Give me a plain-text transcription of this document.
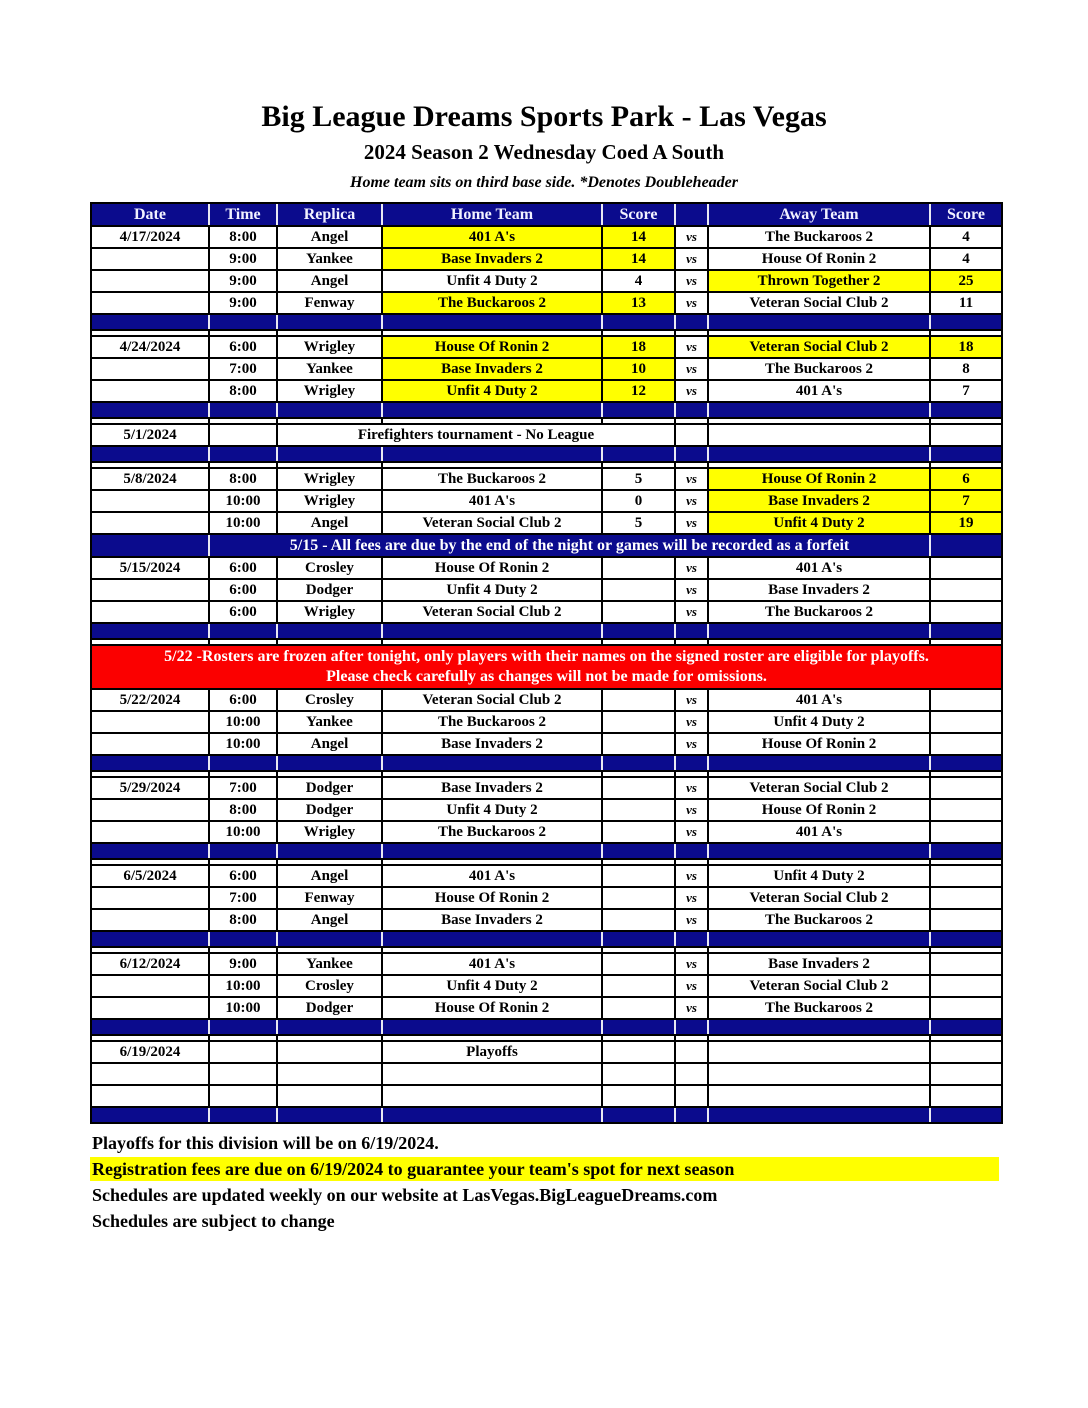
Big League Dreams Sports Park - Las Vegas
2024 Season 2 Wednesday Coed A South
Home team sits on third base side. *Denotes Doubleheader
Date	Time	Replica	Home Team	Score	Away Team	Score
4/17/2024	8:00	Angel	401 A's	14	vs	The Buckaroos 2	4
9:00	Yankee	Base Invaders 2	14	vs	House Of Ronin 2	4
9:00	Angel	Unfit 4 Duty 2	4	vs	Thrown Together 2	25
9:00	Fenway	The Buckaroos 2	13	vs	Veteran Social Club 2	11
4/24/2024	6:00	Wrigley	House Of Ronin 2	18	vs	Veteran Social Club 2	18
7:00	Yankee	Base Invaders 2	10	vs	The Buckaroos 2	8
8:00	Wrigley	Unfit 4 Duty 2	12	vs	401 A's	7
5/1/2024	Firefighters tournament - No League
5/8/2024	8:00	Wrigley	The Buckaroos 2	5	vs	House Of Ronin 2	6
10:00	Wrigley	401 A's	0	vs	Base Invaders 2	7
10:00	Angel	Veteran Social Club 2	5	vs	Unfit 4 Duty 2	19
5/15 - All fees are due by the end of the night or games will be recorded as a forfeit
5/15/2024	6:00	Crosley	House Of Ronin 2	vs	401 A's
6:00	Dodger	Unfit 4 Duty 2	vs	Base Invaders 2
6:00	Wrigley	Veteran Social Club 2	vs	The Buckaroos 2
5/22 -Rosters are frozen after tonight, only players with their names on the signed roster are eligible for playoffs.
Please check carefully as changes will not be made for omissions.
5/22/2024	6:00	Crosley	Veteran Social Club 2	vs	401 A's
10:00	Yankee	The Buckaroos 2	vs	Unfit 4 Duty 2
10:00	Angel	Base Invaders 2	vs	House Of Ronin 2
5/29/2024	7:00	Dodger	Base Invaders 2	vs	Veteran Social Club 2
8:00	Dodger	Unfit 4 Duty 2	vs	House Of Ronin 2
10:00	Wrigley	The Buckaroos 2	vs	401 A's
6/5/2024	6:00	Angel	401 A's	vs	Unfit 4 Duty 2
7:00	Fenway	House Of Ronin 2	vs	Veteran Social Club 2
8:00	Angel	Base Invaders 2	vs	The Buckaroos 2
6/12/2024	9:00	Yankee	401 A's	vs	Base Invaders 2
10:00	Crosley	Unfit 4 Duty 2	vs	Veteran Social Club 2
10:00	Dodger	House Of Ronin 2	vs	The Buckaroos 2
6/19/2024	Playoffs
Playoffs for this division will be on 6/19/2024.
Registration fees are due on 6/19/2024 to guarantee your team's spot for next season
Schedules are updated weekly on our website at LasVegas.BigLeagueDreams.com
Schedules are subject to change
